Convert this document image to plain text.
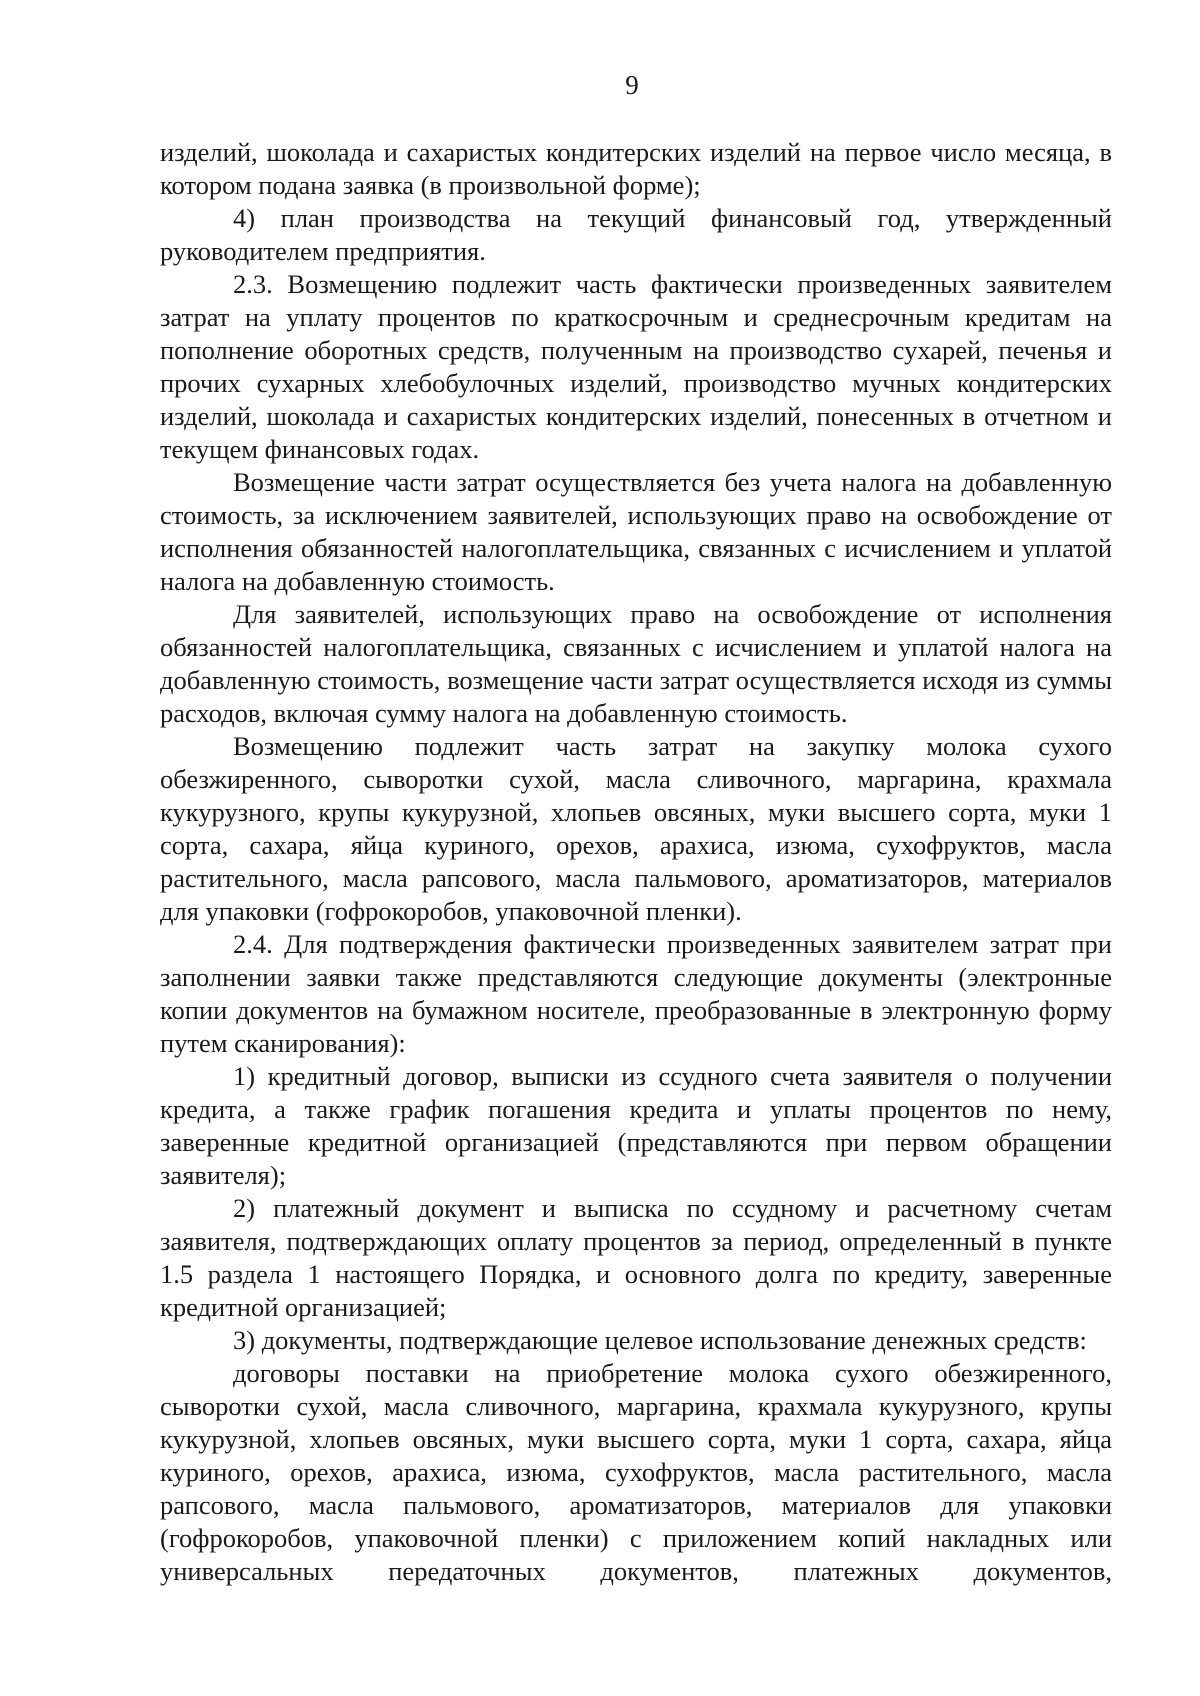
9

изделий, шоколада и сахаристых кондитерских изделий на первое число месяца, в котором подана заявка (в произвольной форме);

4) план производства на текущий финансовый год, утвержденный руководителем предприятия.

2.3. Возмещению подлежит часть фактически произведенных заявителем затрат на уплату процентов по краткосрочным и среднесрочным кредитам на пополнение оборотных средств, полученным на производство сухарей, печенья и прочих сухарных хлебобулочных изделий, производство мучных кондитерских изделий, шоколада и сахаристых кондитерских изделий, понесенных в отчетном и текущем финансовых годах.

Возмещение части затрат осуществляется без учета налога на добавленную стоимость, за исключением заявителей, использующих право на освобождение от исполнения обязанностей налогоплательщика, связанных с исчислением и уплатой налога на добавленную стоимость.

Для заявителей, использующих право на освобождение от исполнения обязанностей налогоплательщика, связанных с исчислением и уплатой налога на добавленную стоимость, возмещение части затрат осуществляется исходя из суммы расходов, включая сумму налога на добавленную стоимость.

Возмещению подлежит часть затрат на закупку молока сухого обезжиренного, сыворотки сухой, масла сливочного, маргарина, крахмала кукурузного, крупы кукурузной, хлопьев овсяных, муки высшего сорта, муки 1 сорта, сахара, яйца куриного, орехов, арахиса, изюма, сухофруктов, масла растительного, масла рапсового, масла пальмового, ароматизаторов, материалов для упаковки (гофрокоробов, упаковочной пленки).

2.4. Для подтверждения фактически произведенных заявителем затрат при заполнении заявки также представляются следующие документы (электронные копии документов на бумажном носителе, преобразованные в электронную форму путем сканирования):

1) кредитный договор, выписки из ссудного счета заявителя о получении кредита, а также график погашения кредита и уплаты процентов по нему, заверенные кредитной организацией (представляются при первом обращении заявителя);

2) платежный документ и выписка по ссудному и расчетному счетам заявителя, подтверждающих оплату процентов за период, определенный в пункте 1.5 раздела 1 настоящего Порядка, и основного долга по кредиту, заверенные кредитной организацией;

3) документы, подтверждающие целевое использование денежных средств:

договоры поставки на приобретение молока сухого обезжиренного, сыворотки сухой, масла сливочного, маргарина, крахмала кукурузного, крупы кукурузной, хлопьев овсяных, муки высшего сорта, муки 1 сорта, сахара, яйца куриного, орехов, арахиса, изюма, сухофруктов, масла растительного, масла рапсового, масла пальмового, ароматизаторов, материалов для упаковки (гофрокоробов, упаковочной пленки) с приложением копий накладных или универсальных передаточных документов, платежных документов,
